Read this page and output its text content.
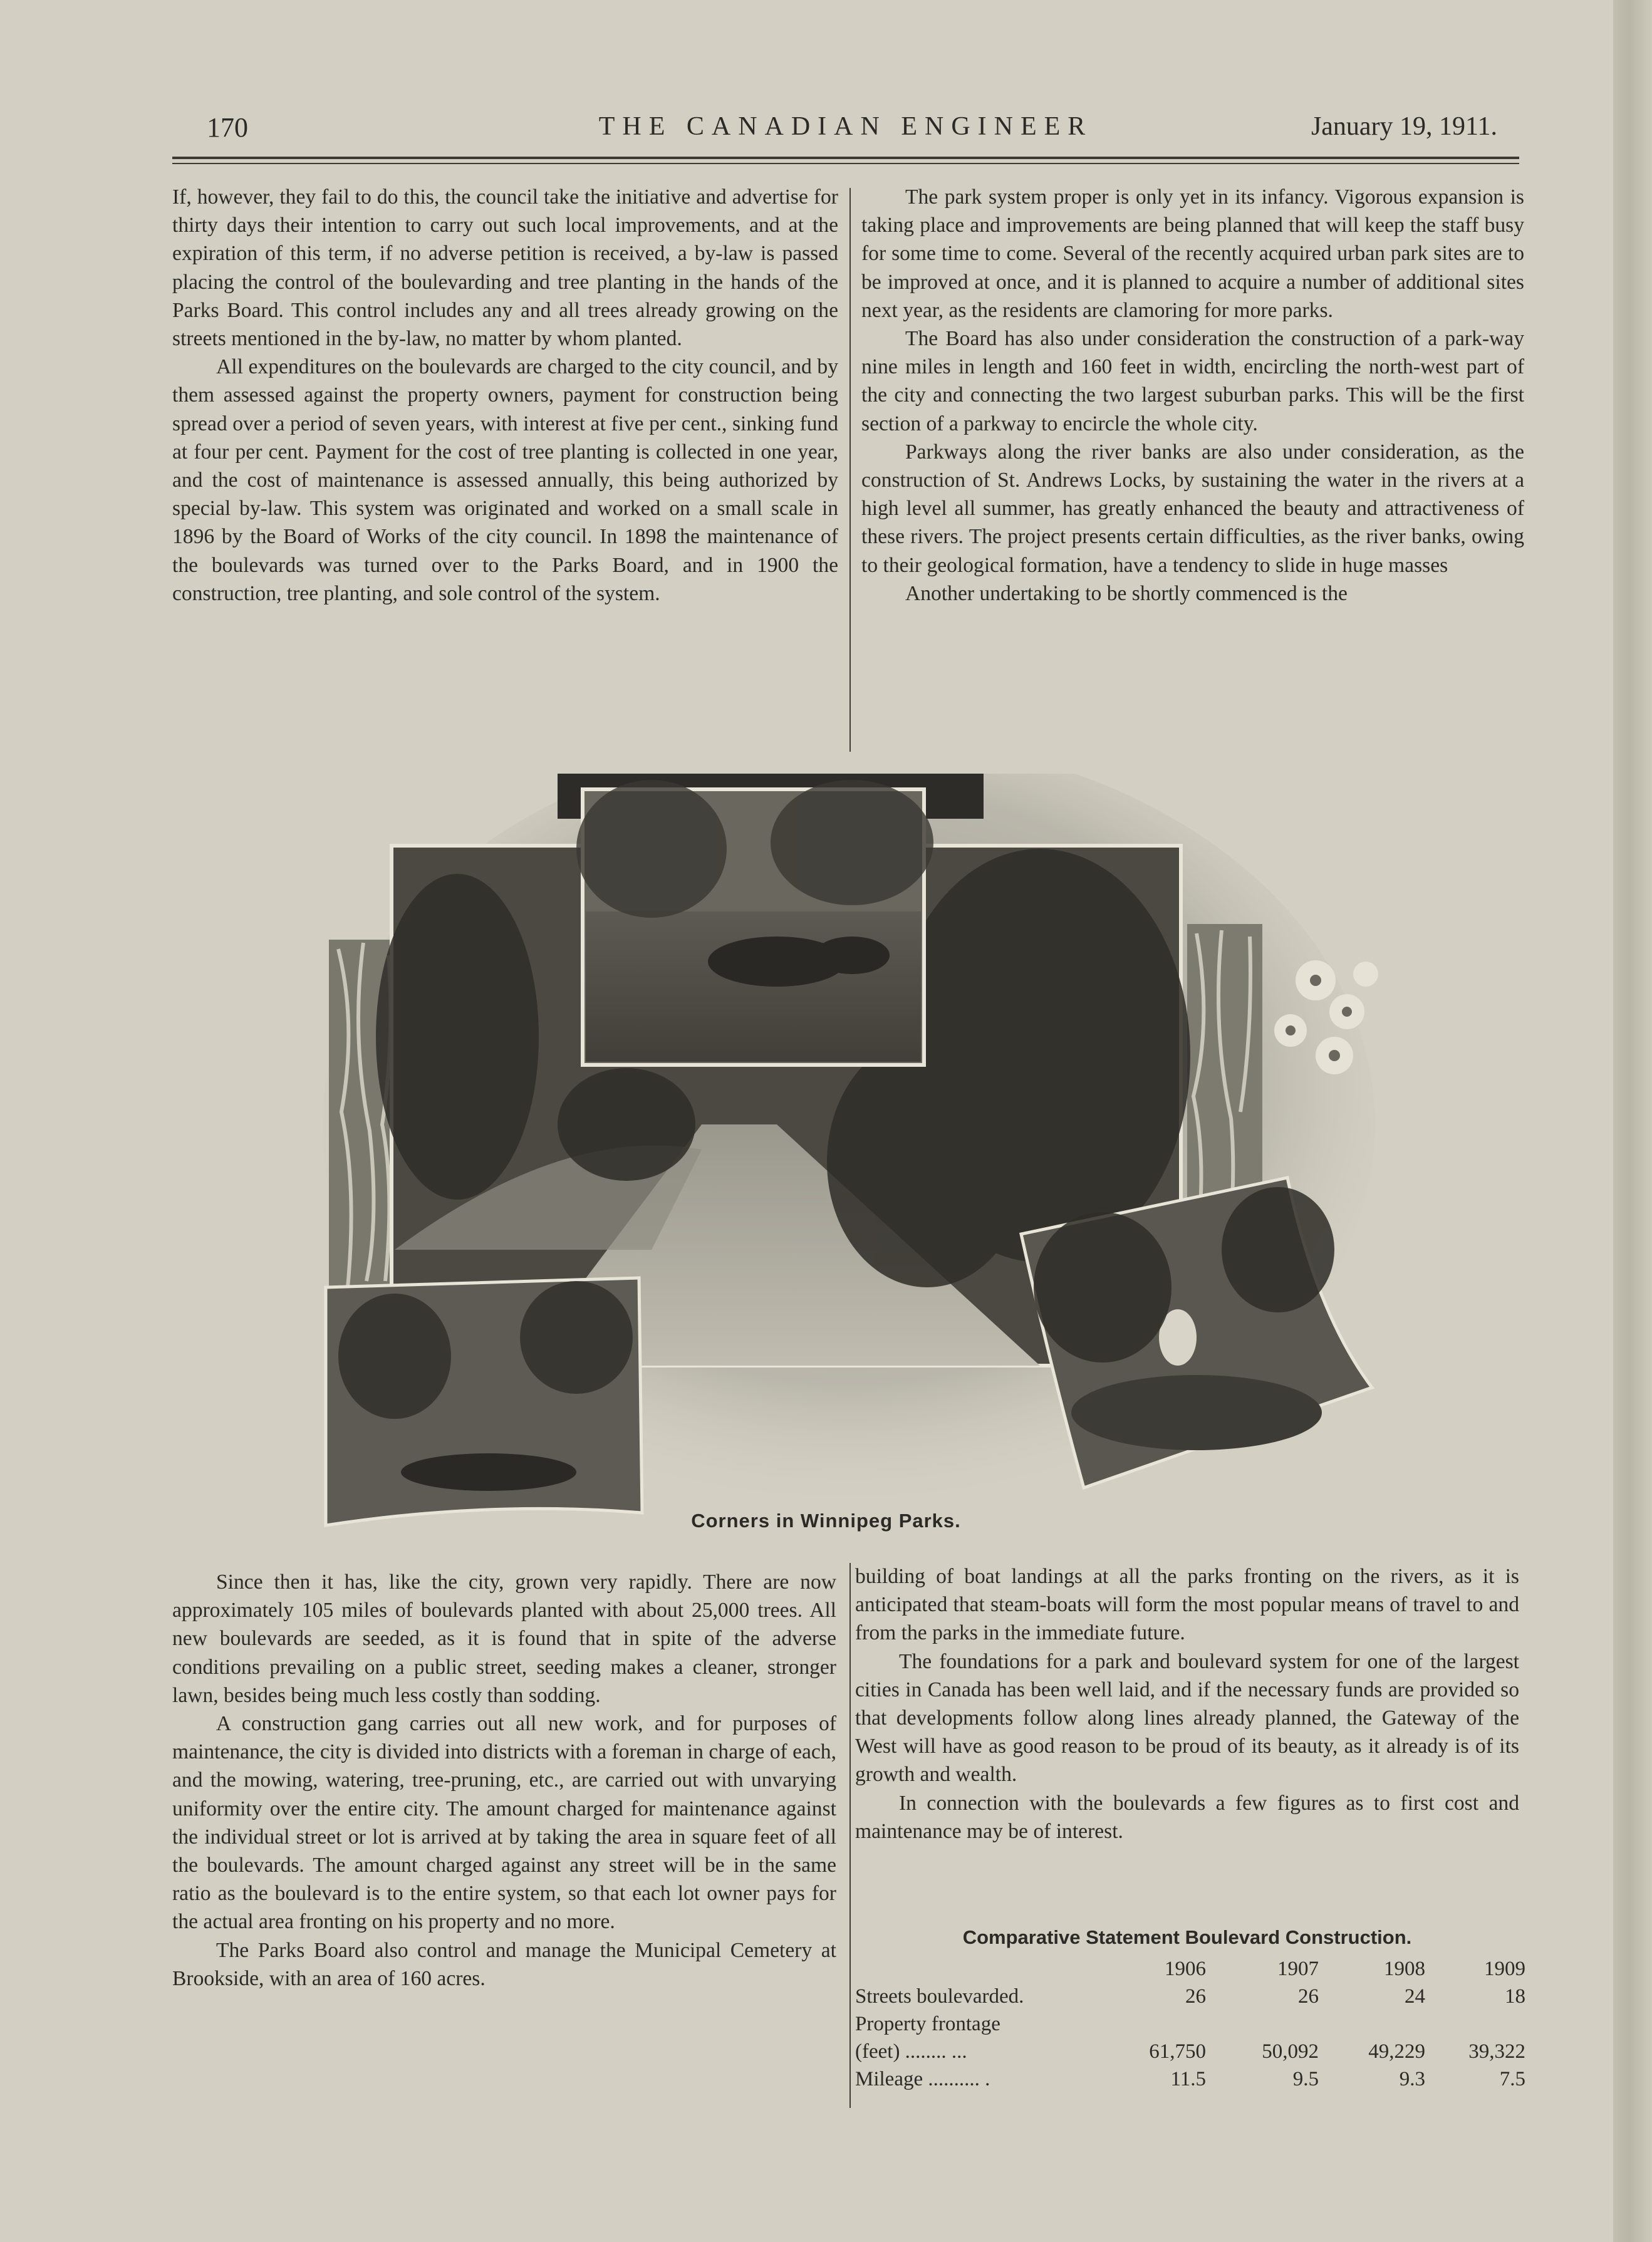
170	THE CANADIAN ENGINEER	January 19, 1911.

If, however, they fail to do this, the council take the initiative and advertise for thirty days their intention to carry out such local improvements, and at the expiration of this term, if no adverse petition is received, a by-law is passed placing the control of the boulevarding and tree planting in the hands of the Parks Board. This control includes any and all trees already growing on the streets mentioned in the by-law, no matter by whom planted.

All expenditures on the boulevards are charged to the city council, and by them assessed against the property owners, payment for construction being spread over a period of seven years, with interest at five per cent., sinking fund at four per cent. Payment for the cost of tree planting is collected in one year, and the cost of maintenance is assessed annually, this being authorized by special by-law. This system was originated and worked on a small scale in 1896 by the Board of Works of the city council. In 1898 the maintenance of the boulevards was turned over to the Parks Board, and in 1900 the construction, tree planting, and sole control of the system.

The park system proper is only yet in its infancy. Vigorous expansion is taking place and improvements are being planned that will keep the staff busy for some time to come. Several of the recently acquired urban park sites are to be improved at once, and it is planned to acquire a number of additional sites next year, as the residents are clamoring for more parks.

The Board has also under consideration the construction of a park-way nine miles in length and 160 feet in width, encircling the north-west part of the city and connecting the two largest suburban parks. This will be the first section of a parkway to encircle the whole city.

Parkways along the river banks are also under consideration, as the construction of St. Andrews Locks, by sustaining the water in the rivers at a high level all summer, has greatly enhanced the beauty and attractiveness of these rivers. The project presents certain difficulties, as the river banks, owing to their geological formation, have a tendency to slide in huge masses

Another undertaking to be shortly commenced is the

Corners in Winnipeg Parks.

Since then it has, like the city, grown very rapidly. There are now approximately 105 miles of boulevards planted with about 25,000 trees. All new boulevards are seeded, as it is found that in spite of the adverse conditions prevailing on a public street, seeding makes a cleaner, stronger lawn, besides being much less costly than sodding.

A construction gang carries out all new work, and for purposes of maintenance, the city is divided into districts with a foreman in charge of each, and the mowing, watering, tree-pruning, etc., are carried out with unvarying uniformity over the entire city. The amount charged for maintenance against the individual street or lot is arrived at by taking the area in square feet of all the boulevards. The amount charged against any street will be in the same ratio as the boulevard is to the entire system, so that each lot owner pays for the actual area fronting on his property and no more.

The Parks Board also control and manage the Municipal Cemetery at Brookside, with an area of 160 acres.

building of boat landings at all the parks fronting on the rivers, as it is anticipated that steam-boats will form the most popular means of travel to and from the parks in the immediate future.

The foundations for a park and boulevard system for one of the largest cities in Canada has been well laid, and if the necessary funds are provided so that developments follow along lines already planned, the Gateway of the West will have as good reason to be proud of its beauty, as it already is of its growth and wealth.

In connection with the boulevards a few figures as to first cost and maintenance may be of interest.

Comparative Statement Boulevard Construction.
1906	1907	1908	1909
Streets boulevarded.	26	26	24	18
Property frontage
(feet) ........ ...	61,750	50,092	49,229	39,322
Mileage .......... .	11.5	9.5	9.3	7.5
